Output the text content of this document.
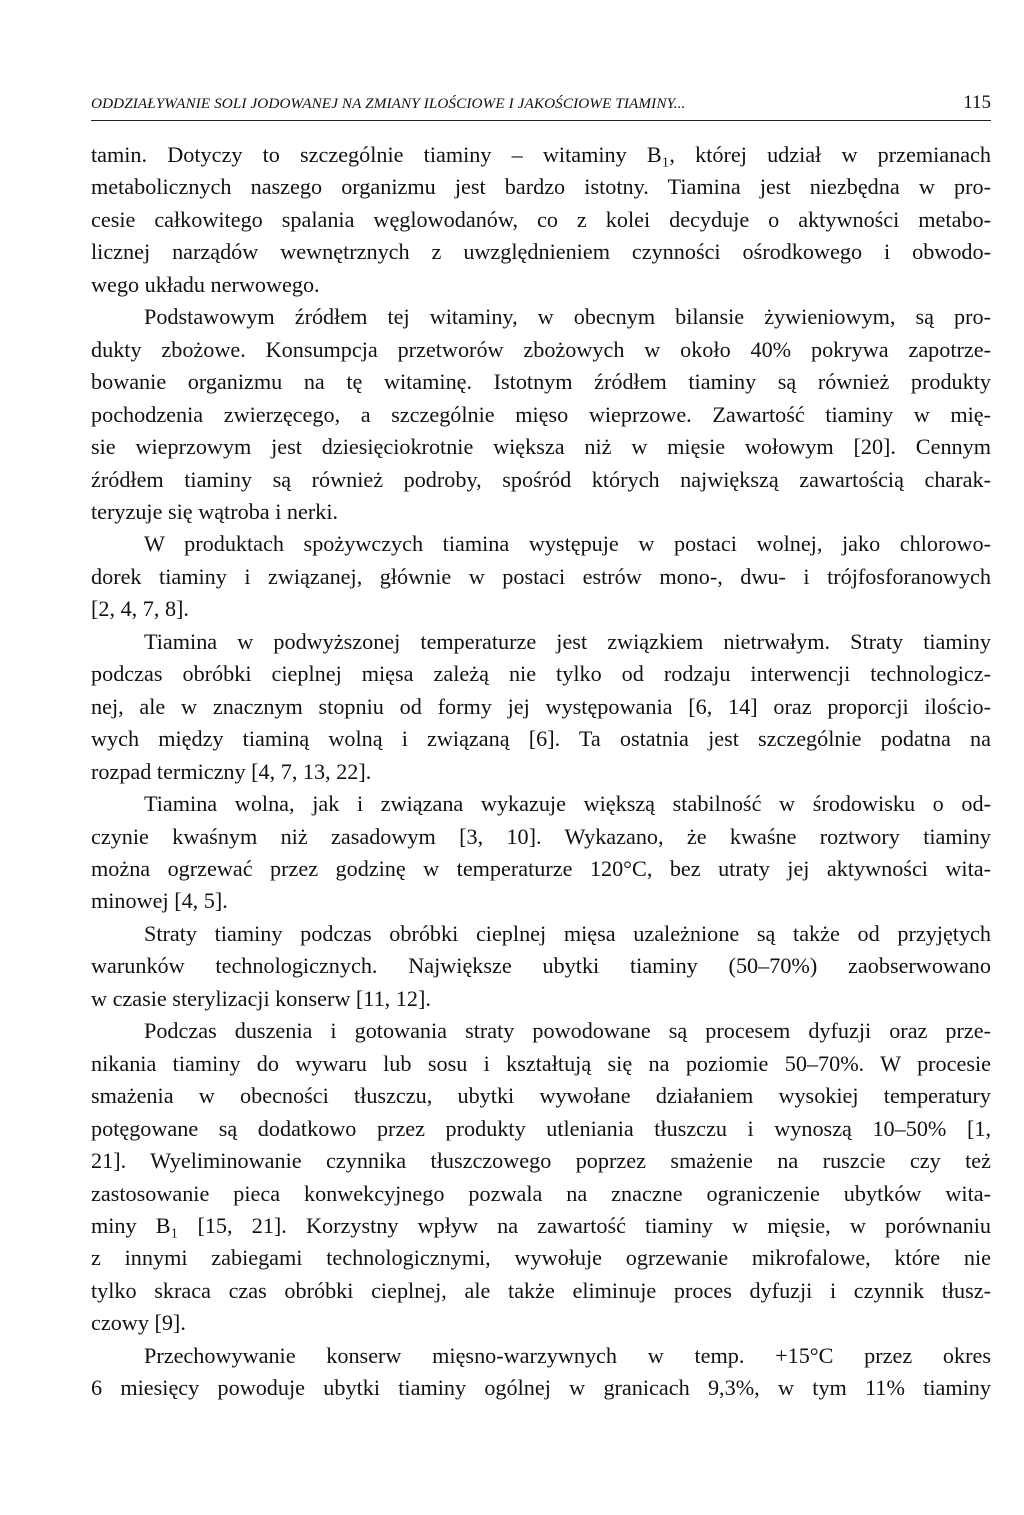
ODDZIAŁYWANIE SOLI JODOWANEJ NA ZMIANY ILOŚCIOWE I JAKOŚCIOWE TIAMINY...	115

tamin. Dotyczy to szczególnie tiaminy – witaminy B₁, której udział w przemianach
metabolicznych naszego organizmu jest bardzo istotny. Tiamina jest niezbędna w pro-
cesie całkowitego spalania węglowodanów, co z kolei decyduje o aktywności metabo-
licznej narządów wewnętrznych z uwzględnieniem czynności ośrodkowego i obwodo-
wego układu nerwowego.

Podstawowym źródłem tej witaminy, w obecnym bilansie żywieniowym, są pro-
dukty zbożowe. Konsumpcja przetworów zbożowych w około 40% pokrywa zapotrze-
bowanie organizmu na tę witaminę. Istotnym źródłem tiaminy są również produkty
pochodzenia zwierzęcego, a szczególnie mięso wieprzowe. Zawartość tiaminy w mię-
sie wieprzowym jest dziesięciokrotnie większa niż w mięsie wołowym [20]. Cennym
źródłem tiaminy są również podroby, spośród których największą zawartością charak-
teryzuje się wątroba i nerki.

W produktach spożywczych tiamina występuje w postaci wolnej, jako chlorowo-
dorek tiaminy i związanej, głównie w postaci estrów mono-, dwu- i trójfosforanowych
[2, 4, 7, 8].

Tiamina w podwyższonej temperaturze jest związkiem nietrwałym. Straty tiaminy
podczas obróbki cieplnej mięsa zależą nie tylko od rodzaju interwencji technologicz-
nej, ale w znacznym stopniu od formy jej występowania [6, 14] oraz proporcji ilościo-
wych między tiaminą wolną i związaną [6]. Ta ostatnia jest szczególnie podatna na
rozpad termiczny [4, 7, 13, 22].

Tiamina wolna, jak i związana wykazuje większą stabilność w środowisku o od-
czynie kwaśnym niż zasadowym [3, 10]. Wykazano, że kwaśne roztwory tiaminy
można ogrzewać przez godzinę w temperaturze 120°C, bez utraty jej aktywności wita-
minowej [4, 5].

Straty tiaminy podczas obróbki cieplnej mięsa uzależnione są także od przyjętych
warunków technologicznych. Największe ubytki tiaminy (50–70%) zaobserwowano
w czasie sterylizacji konserw [11, 12].

Podczas duszenia i gotowania straty powodowane są procesem dyfuzji oraz prze-
nikania tiaminy do wywaru lub sosu i kształtują się na poziomie 50–70%. W procesie
smażenia w obecności tłuszczu, ubytki wywołane działaniem wysokiej temperatury
potęgowane są dodatkowo przez produkty utleniania tłuszczu i wynoszą 10–50% [1,
21]. Wyeliminowanie czynnika tłuszczowego poprzez smażenie na ruszcie czy też
zastosowanie pieca konwekcyjnego pozwala na znaczne ograniczenie ubytków wita-
miny B₁ [15, 21]. Korzystny wpływ na zawartość tiaminy w mięsie, w porównaniu
z innymi zabiegami technologicznymi, wywołuje ogrzewanie mikrofalowe, które nie
tylko skraca czas obróbki cieplnej, ale także eliminuje proces dyfuzji i czynnik tłusz-
czowy [9].

Przechowywanie konserw mięsno-warzywnych w temp. +15°C przez okres
6 miesięcy powoduje ubytki tiaminy ogólnej w granicach 9,3%, w tym 11% tiaminy
